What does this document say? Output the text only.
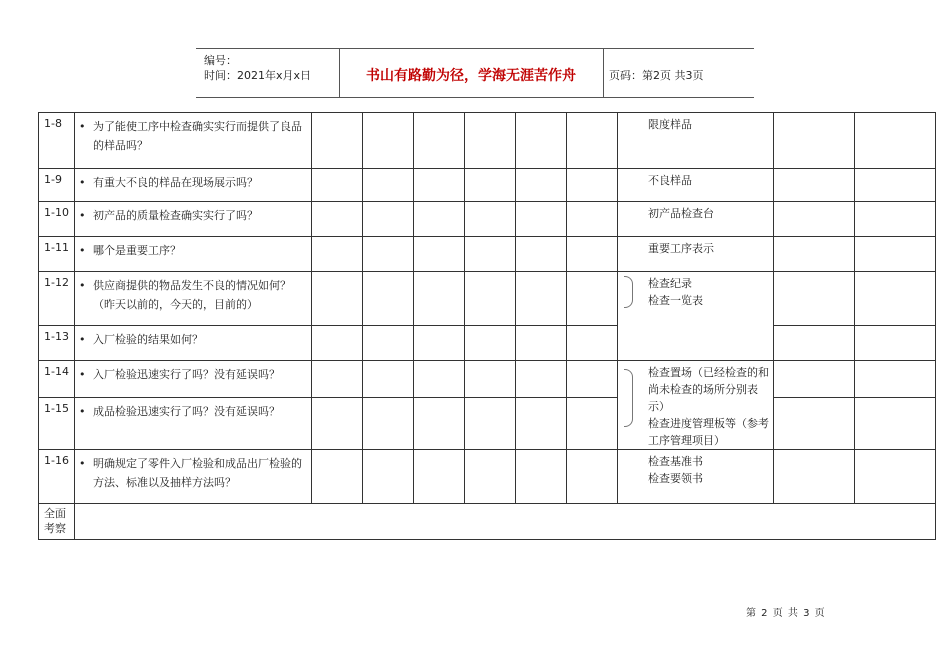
编号：
时间：2021年x月x日	书山有路勤为径，学海无涯苦作舟	页码：第2页 共3页
1-8	• 为了能使工序中检查确实实行而提供了良品的样品吗？							限度样品		
1-9	• 有重大不良的样品在现场展示吗？							不良样品		
1-10	• 初产品的质量检查确实实行了吗？							初产品检查台		
1-11	• 哪个是重要工序？							重要工序表示		
1-12	• 供应商提供的物品发生不良的情况如何？（昨天以前的，今天的，目前的）							检查纪录
检查一览表		

1-13	• 入厂检验的结果如何？									

1-14	• 入厂检验迅速实行了吗？没有延误吗？							检查置场（已经检查的和尚未检查的场所分别表示）
检查进度管理板等（参考工序管理项目）		

1-15	• 成品检验迅速实行了吗？没有延误吗？									

1-16	• 明确规定了零件入厂检验和成品出厂检验的方法、标准以及抽样方法吗？							检查基准书
检查要领书		
全面考察										
第 2 页 共 3 页
